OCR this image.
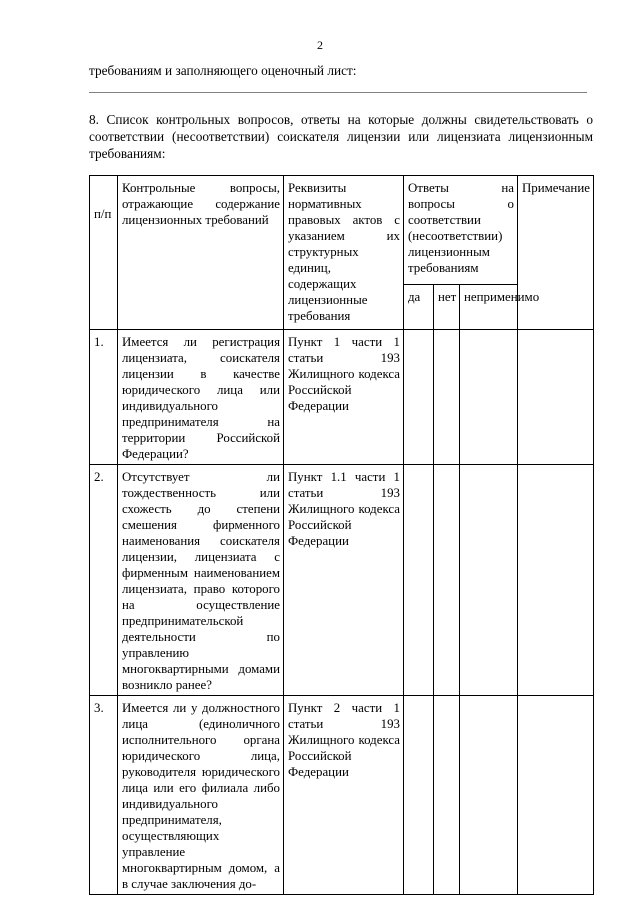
2
требованиям и заполняющего оценочный лист:
8. Список контрольных вопросов, ответы на которые должны свидетельствовать о соответствии (несоответствии) соискателя лицензии или лицензиата лицензионным требованиям:
п/п	Контрольные вопросы, отражающие содержание лицензионных требований	Реквизиты нормативных правовых актов с указанием их структурных единиц, содержащих лицензионные требования	Ответы на вопросы о соответствии (несоответствии) лицензионным требованиям			Примечание
			да	нет	неприменимо	
1.	Имеется ли регистрация лицензиата, соискателя лицензии в качестве юридического лица или индивидуального предпринимателя на территории Российской Федерации?	Пункт 1 части 1 статьи 193 Жилищного кодекса Российской Федерации				
2.	Отсутствует ли тождественность или схожесть до степени смешения фирменного наименования соискателя лицензии, лицензиата с фирменным наименованием лицензиата, право которого на осуществление предпринимательской деятельности по управлению многоквартирными домами возникло ранее?	Пункт 1.1 части 1 статьи 193 Жилищного кодекса Российской Федерации				
3.	Имеется ли у должностного лица (единоличного исполнительного органа юридического лица, руководителя юридического лица или его филиала либо индивидуального предпринимателя, осуществляющих управление многоквартирным домом, а в случае заключения до-	Пункт 2 части 1 статьи 193 Жилищного кодекса Российской Федерации				
